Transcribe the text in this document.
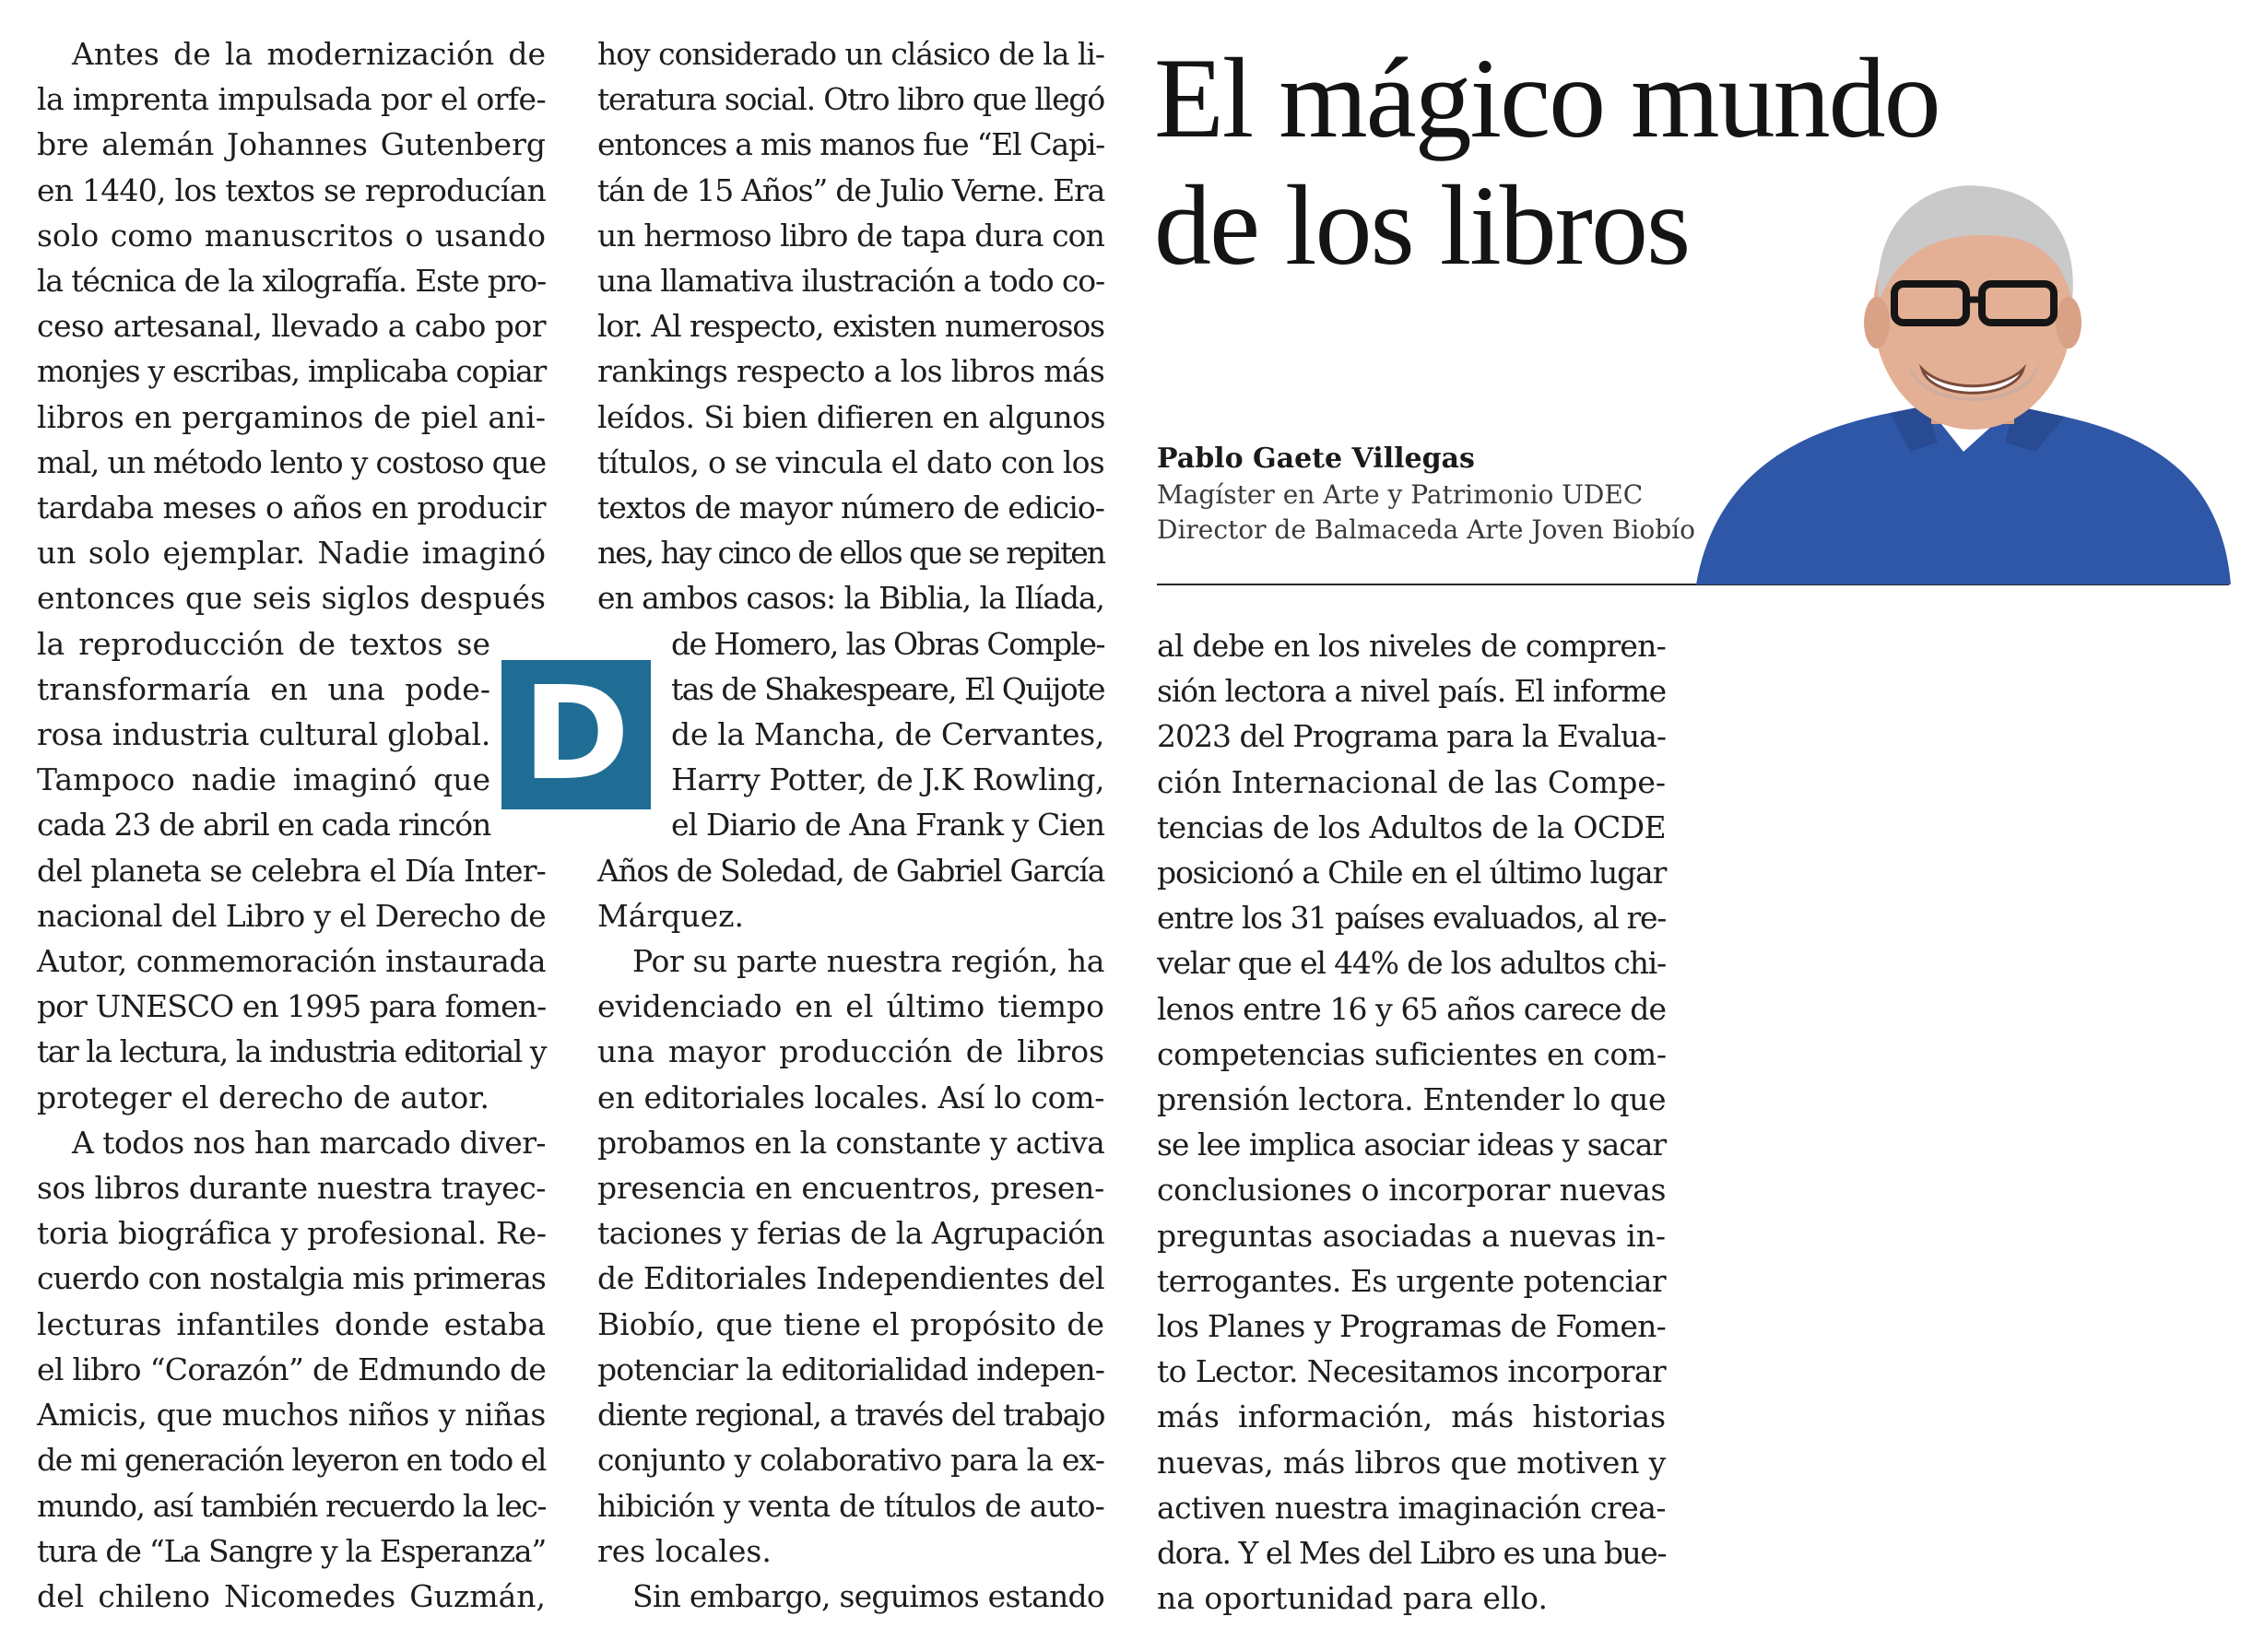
El mágico mundo
de los libros
Pablo Gaete Villegas
Magíster en Arte y Patrimonio UDEC
Director de Balmaceda Arte Joven Biobío
Antes de la modernización de
la imprenta impulsada por el orfe-
bre alemán Johannes Gutenberg
en 1440, los textos se reproducían
solo como manuscritos o usando
la técnica de la xilografía. Este pro-
ceso artesanal, llevado a cabo por
monjes y escribas, implicaba copiar
libros en pergaminos de piel ani-
mal, un método lento y costoso que
tardaba meses o años en producir
un solo ejemplar. Nadie imaginó
entonces que seis siglos después
la reproducción de textos se
transformaría en una pode-
rosa industria cultural global.
Tampoco nadie imaginó que
cada 23 de abril en cada rincón
del planeta se celebra el Día Inter-
nacional del Libro y el Derecho de
Autor, conmemoración instaurada
por UNESCO en 1995 para fomen-
tar la lectura, la industria editorial y
proteger el derecho de autor.
A todos nos han marcado diver-
sos libros durante nuestra trayec-
toria biográfica y profesional. Re-
cuerdo con nostalgia mis primeras
lecturas infantiles donde estaba
el libro “Corazón” de Edmundo de
Amicis, que muchos niños y niñas
de mi generación leyeron en todo el
mundo, así también recuerdo la lec-
tura de “La Sangre y la Esperanza”
del chileno Nicomedes Guzmán,
D
hoy considerado un clásico de la li-
teratura social. Otro libro que llegó
entonces a mis manos fue “El Capi-
tán de 15 Años” de Julio Verne. Era
un hermoso libro de tapa dura con
una llamativa ilustración a todo co-
lor. Al respecto, existen numerosos
rankings respecto a los libros más
leídos. Si bien difieren en algunos
títulos, o se vincula el dato con los
textos de mayor número de edicio-
nes, hay cinco de ellos que se repiten
en ambos casos: la Biblia, la Ilíada,
de Homero, las Obras Comple-
tas de Shakespeare, El Quijote
de la Mancha, de Cervantes,
Harry Potter, de J.K Rowling,
el Diario de Ana Frank y Cien
Años de Soledad, de Gabriel García
Márquez.
Por su parte nuestra región, ha
evidenciado en el último tiempo
una mayor producción de libros
en editoriales locales. Así lo com-
probamos en la constante y activa
presencia en encuentros, presen-
taciones y ferias de la Agrupación
de Editoriales Independientes del
Biobío, que tiene el propósito de
potenciar la editorialidad indepen-
diente regional, a través del trabajo
conjunto y colaborativo para la ex-
hibición y venta de títulos de auto-
res locales.
Sin embargo, seguimos estando
al debe en los niveles de compren-
sión lectora a nivel país. El informe
2023 del Programa para la Evalua-
ción Internacional de las Compe-
tencias de los Adultos de la OCDE
posicionó a Chile en el último lugar
entre los 31 países evaluados, al re-
velar que el 44% de los adultos chi-
lenos entre 16 y 65 años carece de
competencias suficientes en com-
prensión lectora. Entender lo que
se lee implica asociar ideas y sacar
conclusiones o incorporar nuevas
preguntas asociadas a nuevas in-
terrogantes. Es urgente potenciar
los Planes y Programas de Fomen-
to Lector. Necesitamos incorporar
más información, más historias
nuevas, más libros que motiven y
activen nuestra imaginación crea-
dora. Y el Mes del Libro es una bue-
na oportunidad para ello.
